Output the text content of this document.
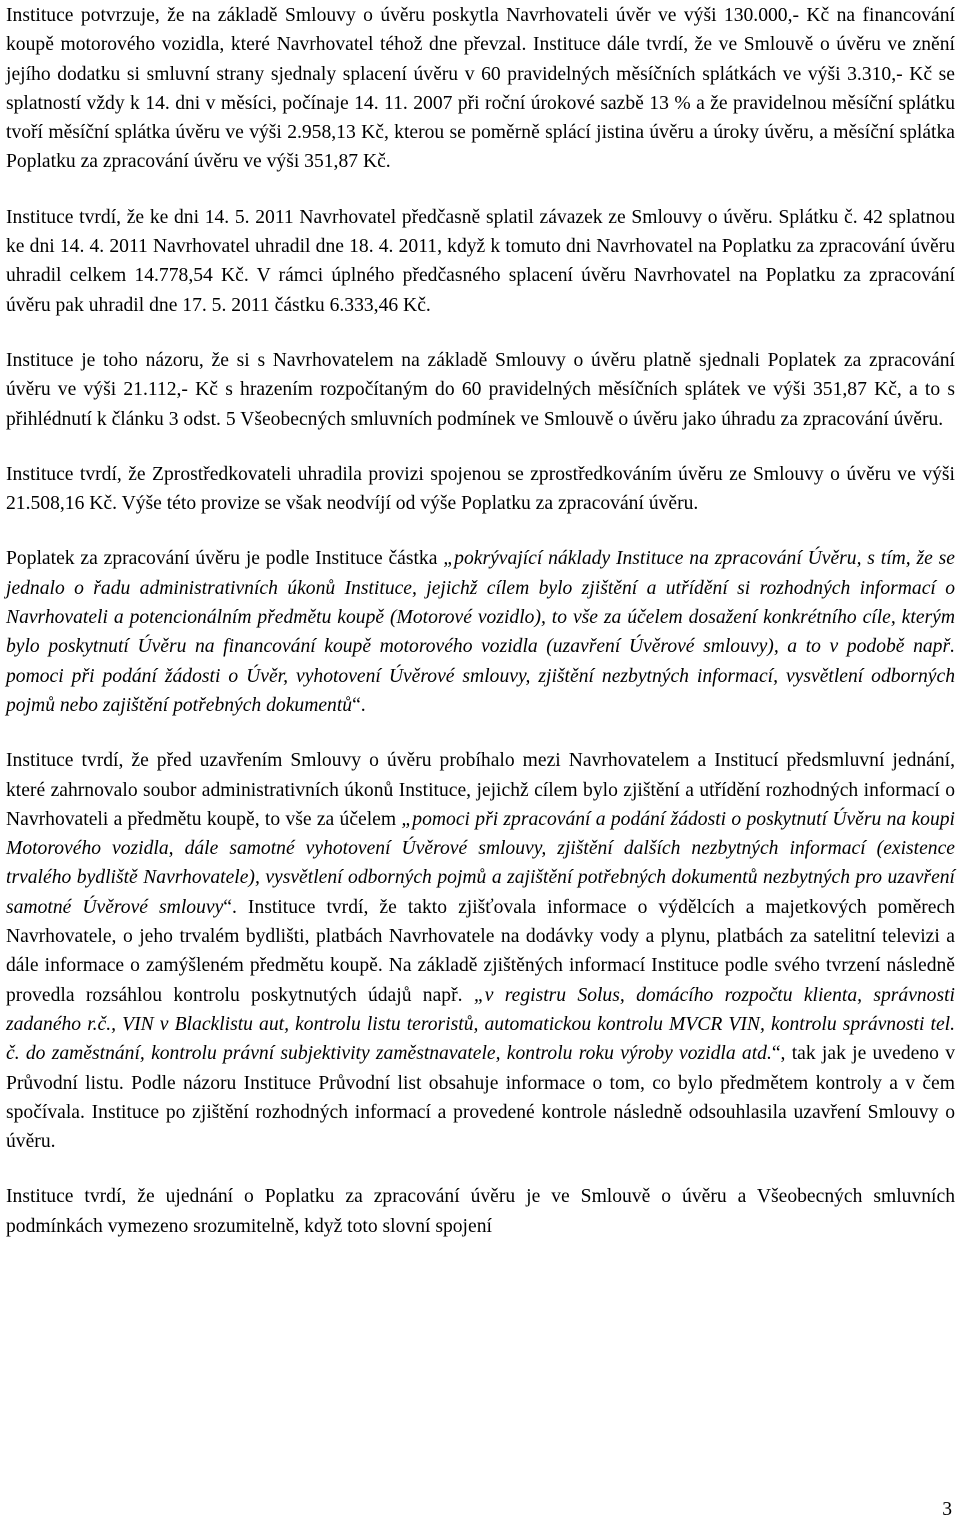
Instituce potvrzuje, že na základě Smlouvy o úvěru poskytla Navrhovateli úvěr ve výši 130.000,- Kč na financování koupě motorového vozidla, které Navrhovatel téhož dne převzal. Instituce dále tvrdí, že ve Smlouvě o úvěru ve znění jejího dodatku si smluvní strany sjednaly splacení úvěru v 60 pravidelných měsíčních splátkách ve výši 3.310,- Kč se splatností vždy k 14. dni v měsíci, počínaje 14. 11. 2007 při roční úrokové sazbě 13 % a že pravidelnou měsíční splátku tvoří měsíční splátka úvěru ve výši 2.958,13 Kč, kterou se poměrně splácí jistina úvěru a úroky úvěru, a měsíční splátka Poplatku za zpracování úvěru ve výši 351,87 Kč.

Instituce tvrdí, že ke dni 14. 5. 2011 Navrhovatel předčasně splatil závazek ze Smlouvy o úvěru. Splátku č. 42 splatnou ke dni 14. 4. 2011 Navrhovatel uhradil dne 18. 4. 2011, když k tomuto dni Navrhovatel na Poplatku za zpracování úvěru uhradil celkem 14.778,54 Kč. V rámci úplného předčasného splacení úvěru Navrhovatel na Poplatku za zpracování úvěru pak uhradil dne 17. 5. 2011 částku 6.333,46 Kč.

Instituce je toho názoru, že si s Navrhovatelem na základě Smlouvy o úvěru platně sjednali Poplatek za zpracování úvěru ve výši 21.112,- Kč s hrazením rozpočítaným do 60 pravidelných měsíčních splátek ve výši 351,87 Kč, a to s přihlédnutí k článku 3 odst. 5 Všeobecných smluvních podmínek ve Smlouvě o úvěru jako úhradu za zpracování úvěru.

Instituce tvrdí, že Zprostředkovateli uhradila provizi spojenou se zprostředkováním úvěru ze Smlouvy o úvěru ve výši 21.508,16 Kč. Výše této provize se však neodvíjí od výše Poplatku za zpracování úvěru.

Poplatek za zpracování úvěru je podle Instituce částka „pokrývající náklady Instituce na zpracování Úvěru, s tím, že se jednalo o řadu administrativních úkonů Instituce, jejichž cílem bylo zjištění a utřídění si rozhodných informací o Navrhovateli a potencionálním předmětu koupě (Motorové vozidlo), to vše za účelem dosažení konkrétního cíle, kterým bylo poskytnutí Úvěru na financování koupě motorového vozidla (uzavření Úvěrové smlouvy), a to v podobě např. pomoci při podání žádosti o Úvěr, vyhotovení Úvěrové smlouvy, zjištění nezbytných informací, vysvětlení odborných pojmů nebo zajištění potřebných dokumentů“.

Instituce tvrdí, že před uzavřením Smlouvy o úvěru probíhalo mezi Navrhovatelem a Institucí předsmluvní jednání, které zahrnovalo soubor administrativních úkonů Instituce, jejichž cílem bylo zjištění a utřídění rozhodných informací o Navrhovateli a předmětu koupě, to vše za účelem „pomoci při zpracování a podání žádosti o poskytnutí Úvěru na koupi Motorového vozidla, dále samotné vyhotovení Úvěrové smlouvy, zjištění dalších nezbytných informací (existence trvalého bydliště Navrhovatele), vysvětlení odborných pojmů a zajištění potřebných dokumentů nezbytných pro uzavření samotné Úvěrové smlouvy“. Instituce tvrdí, že takto zjišťovala informace o výdělcích a majetkových poměrech Navrhovatele, o jeho trvalém bydlišti, platbách Navrhovatele na dodávky vody a plynu, platbách za satelitní televizi a dále informace o zamýšleném předmětu koupě. Na základě zjištěných informací Instituce podle svého tvrzení následně provedla rozsáhlou kontrolu poskytnutých údajů např. „v registru Solus, domácího rozpočtu klienta, správnosti zadaného r.č., VIN v Blacklistu aut, kontrolu listu teroristů, automatickou kontrolu MVCR VIN, kontrolu správnosti tel. č. do zaměstnání, kontrolu právní subjektivity zaměstnavatele, kontrolu roku výroby vozidla atd.“, tak jak je uvedeno v Průvodní listu. Podle názoru Instituce Průvodní list obsahuje informace o tom, co bylo předmětem kontroly a v čem spočívala. Instituce po zjištění rozhodných informací a provedené kontrole následně odsouhlasila uzavření Smlouvy o úvěru.

Instituce tvrdí, že ujednání o Poplatku za zpracování úvěru je ve Smlouvě o úvěru a Všeobecných smluvních podmínkách vymezeno srozumitelně, když toto slovní spojení

3
